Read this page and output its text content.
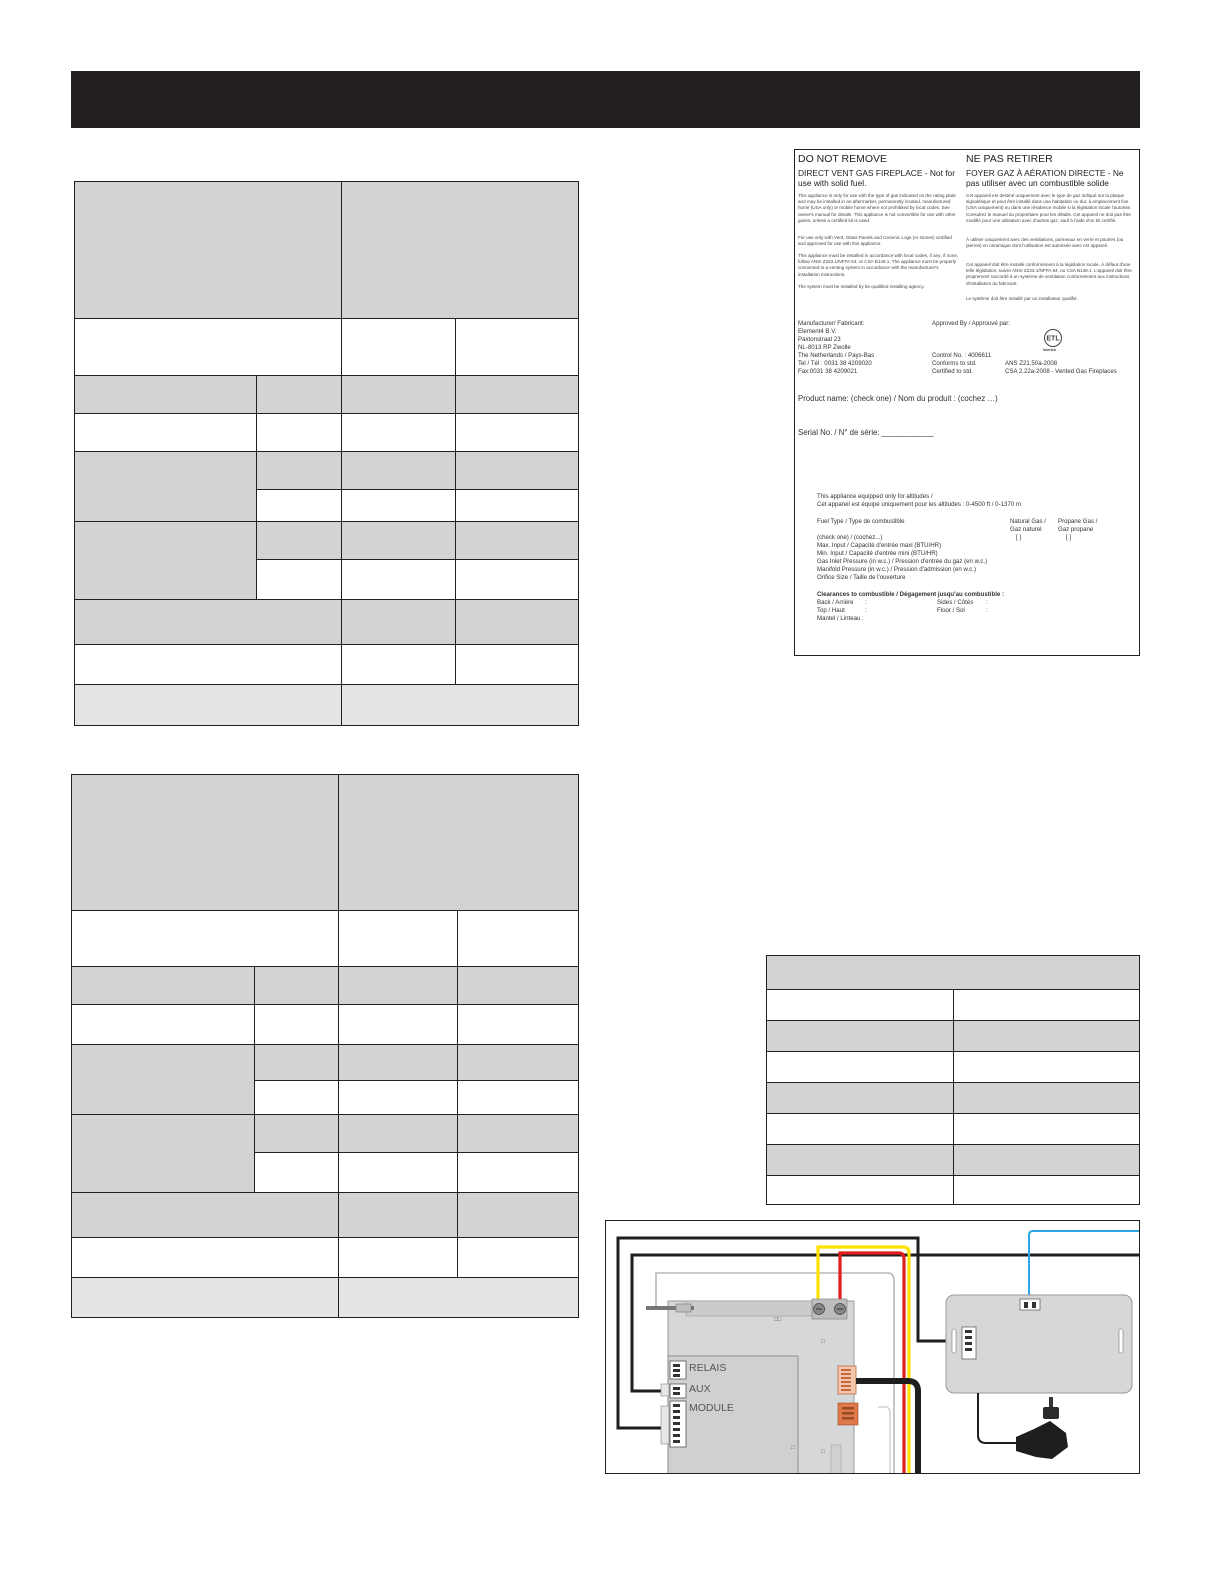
DO NOT REMOVE	NE PAS RETIRER
DIRECT VENT GAS FIREPLACE - Not for use with solid fuel.
FOYER GAZ À AÉRATION DIRECTE - Ne pas utiliser avec un combustible solide
This appliance is only for use with the type of gas indicated on the rating plate and may be installed in an aftermarket, permanently located, manufactured home (USA only) or mobile home where not prohibited by local codes. See owner's manual for details. This appliance is not convertible for use with other gases, unless a certified kit is used.
For use only with Vent, Glass Panels and Ceramic Logs (or stones) certified and approved for use with this appliance.
This appliance must be installed in accordance with local codes, if any; if none, follow ANSI Z223.1/NFPA 54, or CSA B149.1. The appliance must be properly connected to a venting system in accordance with the manufacturer's installation instructions.
The system must be installed by be qualified installing agency.
Cet appareil est destiné uniquement avec le type de gaz indiqué sur la plaque signalétique et peut être installé dans une habitation ou dur, à emplacement fixe (USA uniquement) ou dans une résidence mobile si la législation locale l'autorise. Consultez le manuel du propriétaire pour les détails. Cet appareil ne doit pas être modifié pour une utilisation avec d'autres gaz, sauf à l'aide d'un kit certifié.
À utiliser uniquement avec des ventilations, panneaux en verre et poutres (ou pierres) en céramique dont l'utilisation est autorisée avec cet appareil.
Cet appareil doit être installé conformément à la législation locale. À défaut d'une telle législation, suivre ANSI Z223.1/NFPA 54, ou CSA B149.1. L'appareil doit être proprement raccordé à un système de ventilation conformément aux instructions d'installation du fabricant.
Le système doit être installé par un installateur qualifié.
Manufacturer/ Fabricant:
Element4 B.V.
Paxtonstraat 23
NL-8013 RP Zwolle
The Netherlands / Pays-Bas
Tel / Tél : 0031 38 4209020
Fax:0031 38 4209021
Approved By / Approuvé par:
ETL
Intertek
Control No. : 4006611
Conforms to std.	ANS Z21.50a-2008
Certified to std.	CSA 2.22a-2008 - Vented Gas Fireplaces
Product name: (check one) / Nom du produit : (cochez …)
Serial No. / N° de série: ____________
This appliance equipped only for altitudes /
Cet appareil est équipé uniquement pour les altitudes : 0-4500 ft / 0-1370 m
Fuel Type / Type de combustible	Natural Gas /
Gaz naturel
Propane Gas /
Gaz propane
[ ]	[ ]
(check one) / (cochez...)
Max. Input / Capacité d'entrée maxi (BTU/HR)
Min. Input / Capacité d'entrée mini (BTU/HR)
Gas Inlet Pressure (in w.c.) / Pression d'entrée du gaz (en w.c.)
Manifold Pressure (in w.c.) / Pression d'admission (en w.c.)
Orifice Size / Taille de l'ouverture
Clearances to combustible / Dégagement jusqu'au combustible :
Back / Arrière :	Sides / Côtés :
Top / Haut	:	Floor / Sol	:
Mantel / Linteau :
□□
□
□
□
RELAIS
AUX
MODULE
